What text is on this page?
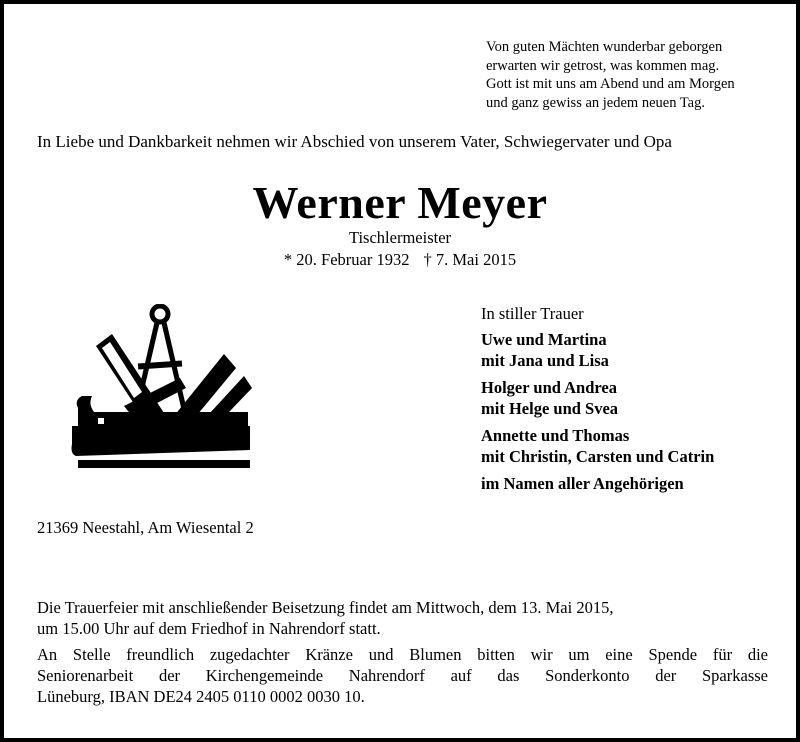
Von guten Mächten wunderbar geborgen
erwarten wir getrost, was kommen mag.
Gott ist mit uns am Abend und am Morgen
und ganz gewiss an jedem neuen Tag.
In Liebe und Dankbarkeit nehmen wir Abschied von unserem Vater, Schwiegervater und Opa
Werner Meyer
Tischlermeister
* 20. Februar 1932 † 7. Mai 2015
In stiller Trauer
Uwe und Martina
mit Jana und Lisa
Holger und Andrea
mit Helge und Svea
Annette und Thomas
mit Christin, Carsten und Catrin
im Namen aller Angehörigen
21369 Neestahl, Am Wiesental 2
Die Trauerfeier mit anschließender Beisetzung findet am Mittwoch, dem 13. Mai 2015,
um 15.00 Uhr auf dem Friedhof in Nahrendorf statt.
An Stelle freundlich zugedachter Kränze und Blumen bitten wir um eine Spende für die
Seniorenarbeit der Kirchengemeinde Nahrendorf auf das Sonderkonto der Sparkasse
Lüneburg, IBAN DE24 2405 0110 0002 0030 10.
